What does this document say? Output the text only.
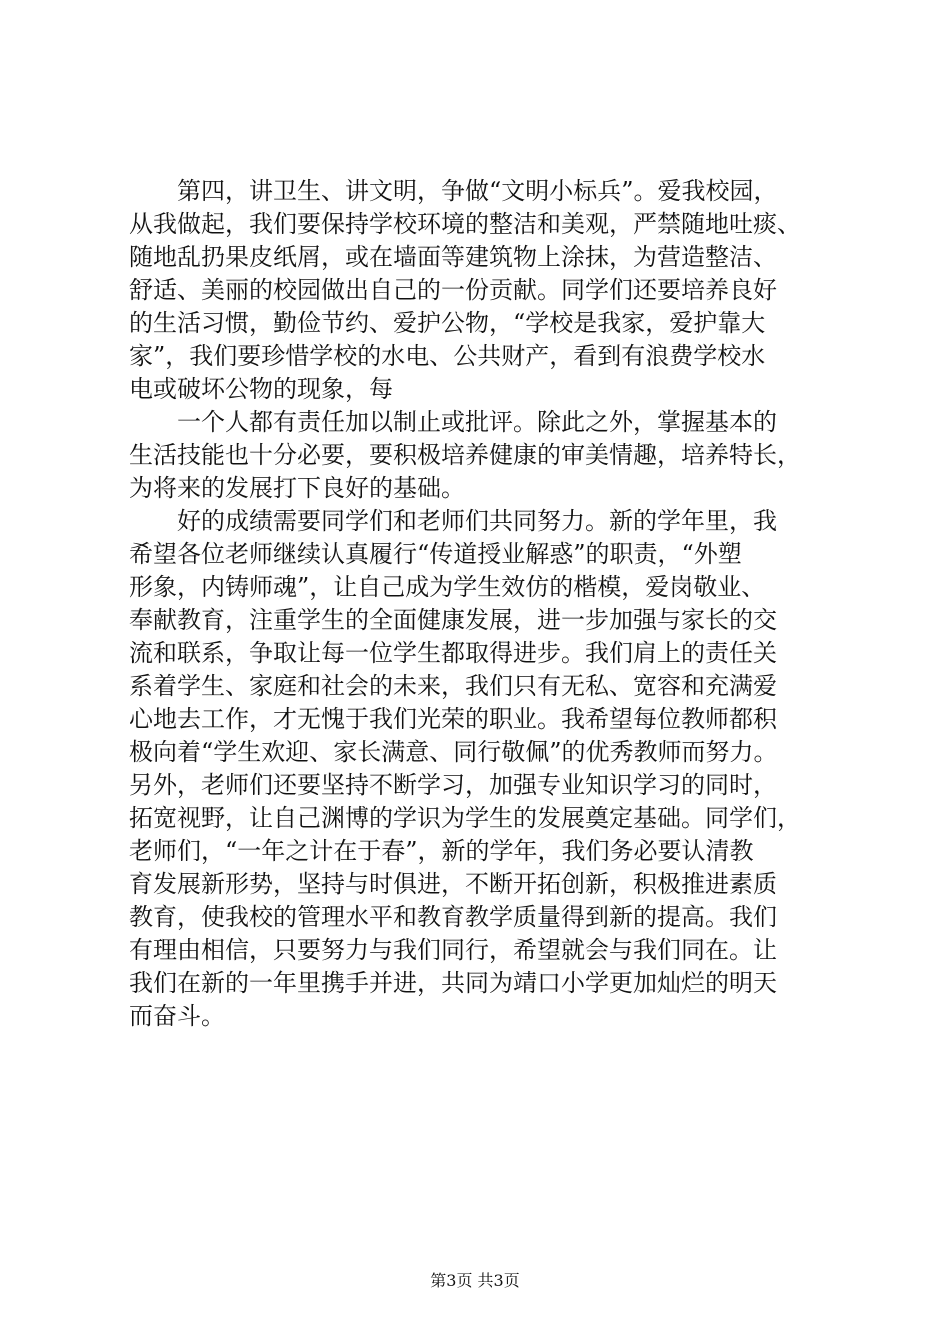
　　第四，讲卫生、讲文明，争做“文明小标兵”。爱我校园，
从我做起，我们要保持学校环境的整洁和美观，严禁随地吐痰、
随地乱扔果皮纸屑，或在墙面等建筑物上涂抹，为营造整洁、
舒适、美丽的校园做出自己的一份贡献。同学们还要培养良好
的生活习惯，勤俭节约、爱护公物，“学校是我家，爱护靠大
家”，我们要珍惜学校的水电、公共财产，看到有浪费学校水
电或破坏公物的现象，每

　　一个人都有责任加以制止或批评。除此之外，掌握基本的
生活技能也十分必要，要积极培养健康的审美情趣，培养特长，
为将来的发展打下良好的基础。

　　好的成绩需要同学们和老师们共同努力。新的学年里，我
希望各位老师继续认真履行“传道授业解惑”的职责，“外塑
形象，内铸师魂”，让自己成为学生效仿的楷模，爱岗敬业、
奉献教育，注重学生的全面健康发展，进一步加强与家长的交
流和联系，争取让每一位学生都取得进步。我们肩上的责任关
系着学生、家庭和社会的未来，我们只有无私、宽容和充满爱
心地去工作，才无愧于我们光荣的职业。我希望每位教师都积
极向着“学生欢迎、家长满意、同行敬佩”的优秀教师而努力。
另外，老师们还要坚持不断学习，加强专业知识学习的同时，
拓宽视野，让自己渊博的学识为学生的发展奠定基础。同学们，
老师们，“一年之计在于春”，新的学年，我们务必要认清教
育发展新形势，坚持与时俱进，不断开拓创新，积极推进素质
教育，使我校的管理水平和教育教学质量得到新的提高。我们
有理由相信，只要努力与我们同行，希望就会与我们同在。让
我们在新的一年里携手并进，共同为靖口小学更加灿烂的明天
而奋斗。

第3页 共3页
